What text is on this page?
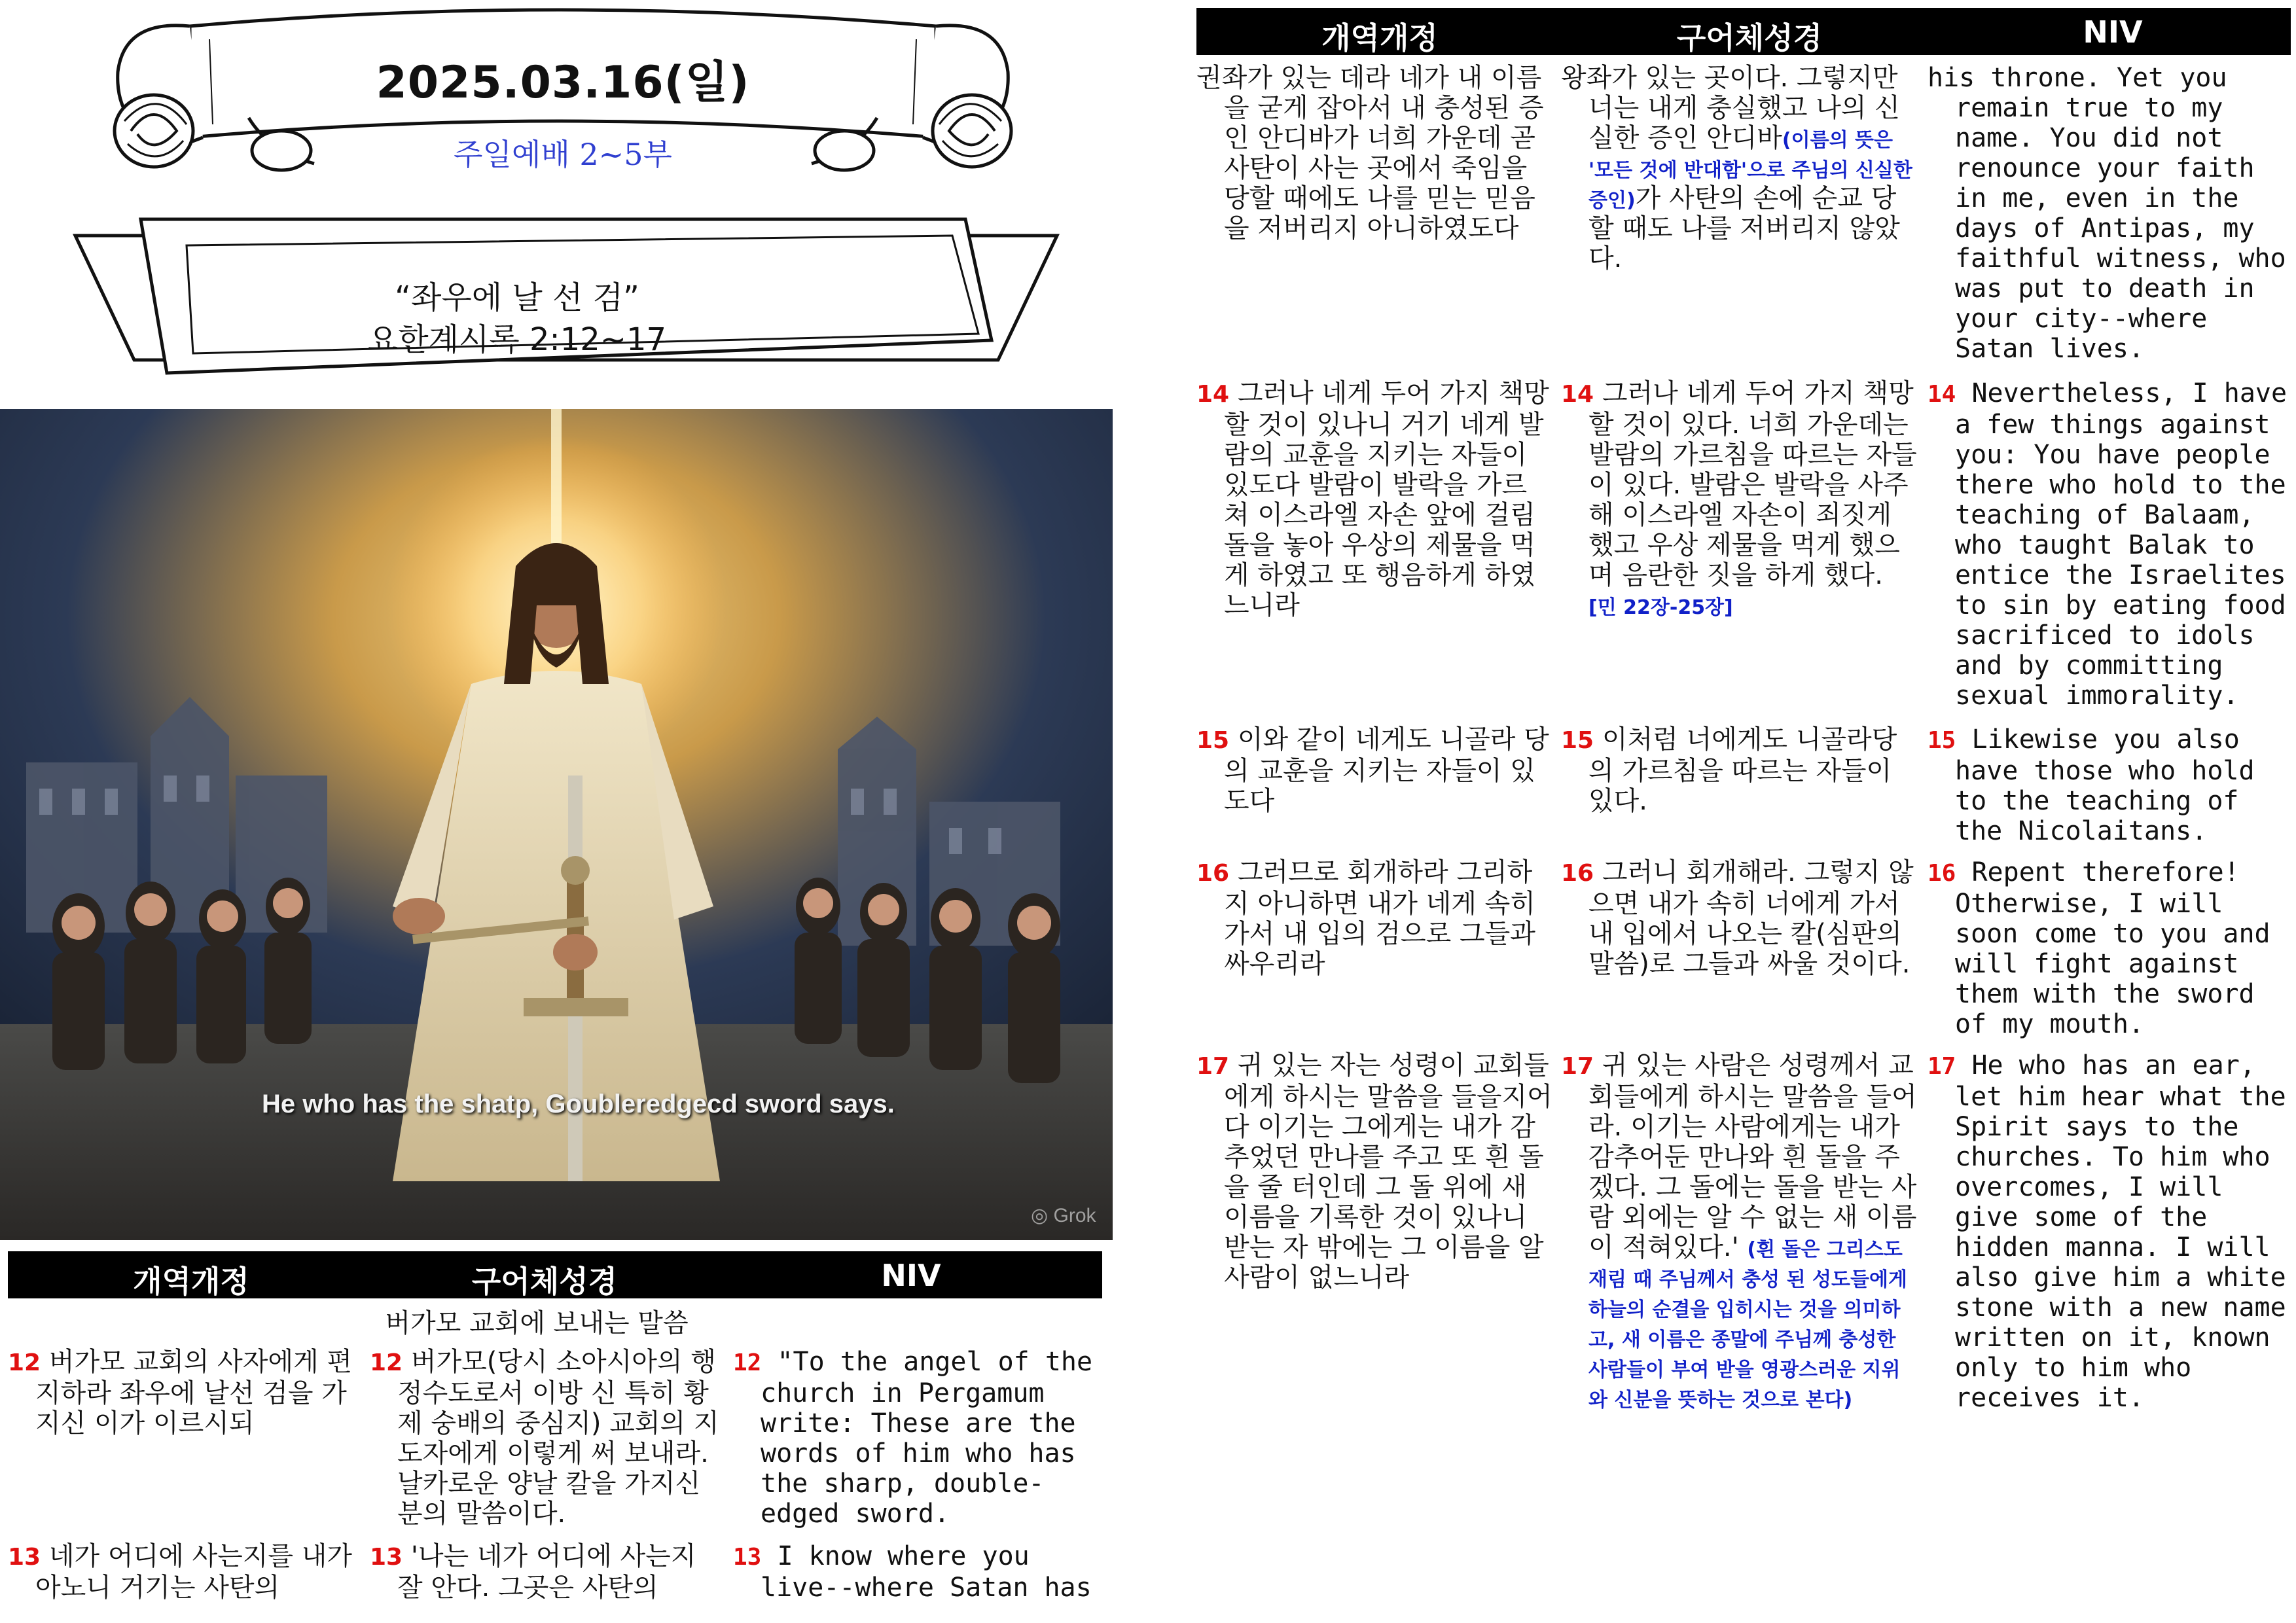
2025.03.16(일)
주일예배 2~5부
“좌우에 날 선 검”
요한계시록 2:12~17
He who has the shatp, Goubleredgecd sword says.
◎ Grok
개역개정	구어체성경	NIV
버가모 교회에 보내는 말씀
12 버가모 교회의 사자에게 편지하라 좌우에 날선 검을 가지신 이가 이르시되
12 버가모(당시 소아시아의 행정수도로서 이방 신 특히 황제 숭배의 중심지) 교회의 지도자에게 이렇게 써 보내라. 날카로운 양날 칼을 가지신 분의 말씀이다.
12 "To the angel of the church in Pergamum write: These are the words of him who has the sharp, double-edged sword.
13 네가 어디에 사는지를 내가 아노니 거기는 사탄의
13 '나는 네가 어디에 사는지 잘 안다. 그곳은 사탄의
13 I know where you live--where Satan has
개역개정	구어체성경	NIV
권좌가 있는 데라 네가 내 이름을 굳게 잡아서 내 충성된 증인 안디바가 너희 가운데 곧 사탄이 사는 곳에서 죽임을 당할 때에도 나를 믿는 믿음을 저버리지 아니하였도다
왕좌가 있는 곳이다. 그렇지만 너는 내게 충실했고 나의 신실한 증인 안디바(이름의 뜻은 '모든 것에 반대함'으로 주님의 신실한 증인)가 사탄의 손에 순교 당할 때도 나를 저버리지 않았다.
his throne. Yet you remain true to my name. You did not renounce your faith in me, even in the days of Antipas, my faithful witness, who was put to death in your city--where Satan lives.
14 그러나 네게 두어 가지 책망할 것이 있나니 거기 네게 발람의 교훈을 지키는 자들이 있도다 발람이 발락을 가르쳐 이스라엘 자손 앞에 걸림돌을 놓아 우상의 제물을 먹게 하였고 또 행음하게 하였느니라
14 그러나 네게 두어 가지 책망할 것이 있다. 너희 가운데는 발람의 가르침을 따르는 자들이 있다. 발람은 발락을 사주해 이스라엘 자손이 죄짓게 했고 우상 제물을 먹게 했으며 음란한 짓을 하게 했다. [민 22장-25장]
14 Nevertheless, I have a few things against you: You have people there who hold to the teaching of Balaam, who taught Balak to entice the Israelites to sin by eating food sacrificed to idols and by committing sexual immorality.
15 이와 같이 네게도 니골라 당의 교훈을 지키는 자들이 있도다
15 이처럼 너에게도 니골라당의 가르침을 따르는 자들이 있다.
15 Likewise you also have those who hold to the teaching of the Nicolaitans.
16 그러므로 회개하라 그리하지 아니하면 내가 네게 속히 가서 내 입의 검으로 그들과 싸우리라
16 그러니 회개해라. 그렇지 않으면 내가 속히 너에게 가서 내 입에서 나오는 칼(심판의 말씀)로 그들과 싸울 것이다.
16 Repent therefore! Otherwise, I will soon come to you and will fight against them with the sword of my mouth.
17 귀 있는 자는 성령이 교회들에게 하시는 말씀을 들을지어다 이기는 그에게는 내가 감추었던 만나를 주고 또 흰 돌을 줄 터인데 그 돌 위에 새 이름을 기록한 것이 있나니 받는 자 밖에는 그 이름을 알 사람이 없느니라
17 귀 있는 사람은 성령께서 교회들에게 하시는 말씀을 들어라. 이기는 사람에게는 내가 감추어둔 만나와 흰 돌을 주겠다. 그 돌에는 돌을 받는 사람 외에는 알 수 없는 새 이름이 적혀있다.' (흰 돌은 그리스도 재림 때 주님께서 충성 된 성도들에게 하늘의 순결을 입히시는 것을 의미하고, 새 이름은 종말에 주님께 충성한 사람들이 부여 받을 영광스러운 지위와 신분을 뜻하는 것으로 본다)
17 He who has an ear, let him hear what the Spirit says to the churches. To him who overcomes, I will give some of the hidden manna. I will also give him a white stone with a new name written on it, known only to him who receives it.
